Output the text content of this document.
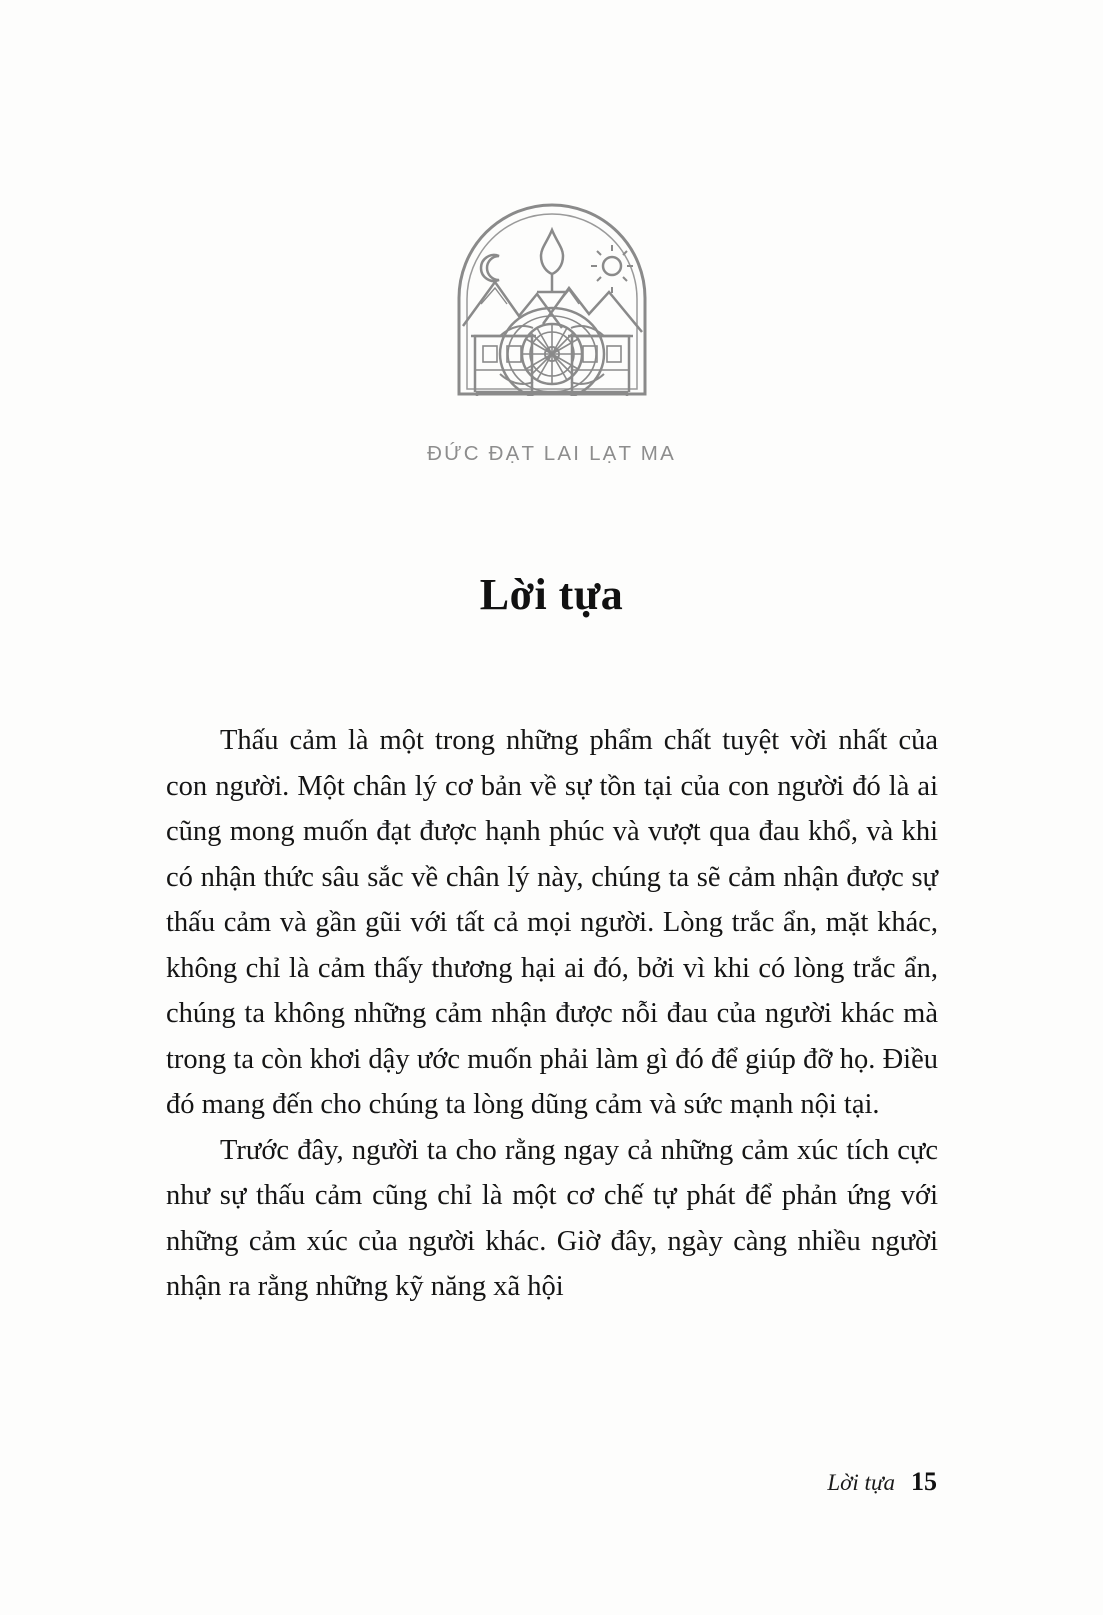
ĐỨC ĐẠT LAI LẠT MA
Lời tựa

Thấu cảm là một trong những phẩm chất tuyệt vời nhất của con người. Một chân lý cơ bản về sự tồn tại của con người đó là ai cũng mong muốn đạt được hạnh phúc và vượt qua đau khổ, và khi có nhận thức sâu sắc về chân lý này, chúng ta sẽ cảm nhận được sự thấu cảm và gần gũi với tất cả mọi người. Lòng trắc ẩn, mặt khác, không chỉ là cảm thấy thương hại ai đó, bởi vì khi có lòng trắc ẩn, chúng ta không những cảm nhận được nỗi đau của người khác mà trong ta còn khơi dậy ước muốn phải làm gì đó để giúp đỡ họ. Điều đó mang đến cho chúng ta lòng dũng cảm và sức mạnh nội tại.

Trước đây, người ta cho rằng ngay cả những cảm xúc tích cực như sự thấu cảm cũng chỉ là một cơ chế tự phát để phản ứng với những cảm xúc của người khác. Giờ đây, ngày càng nhiều người nhận ra rằng những kỹ năng xã hội

Lời tựa 15
